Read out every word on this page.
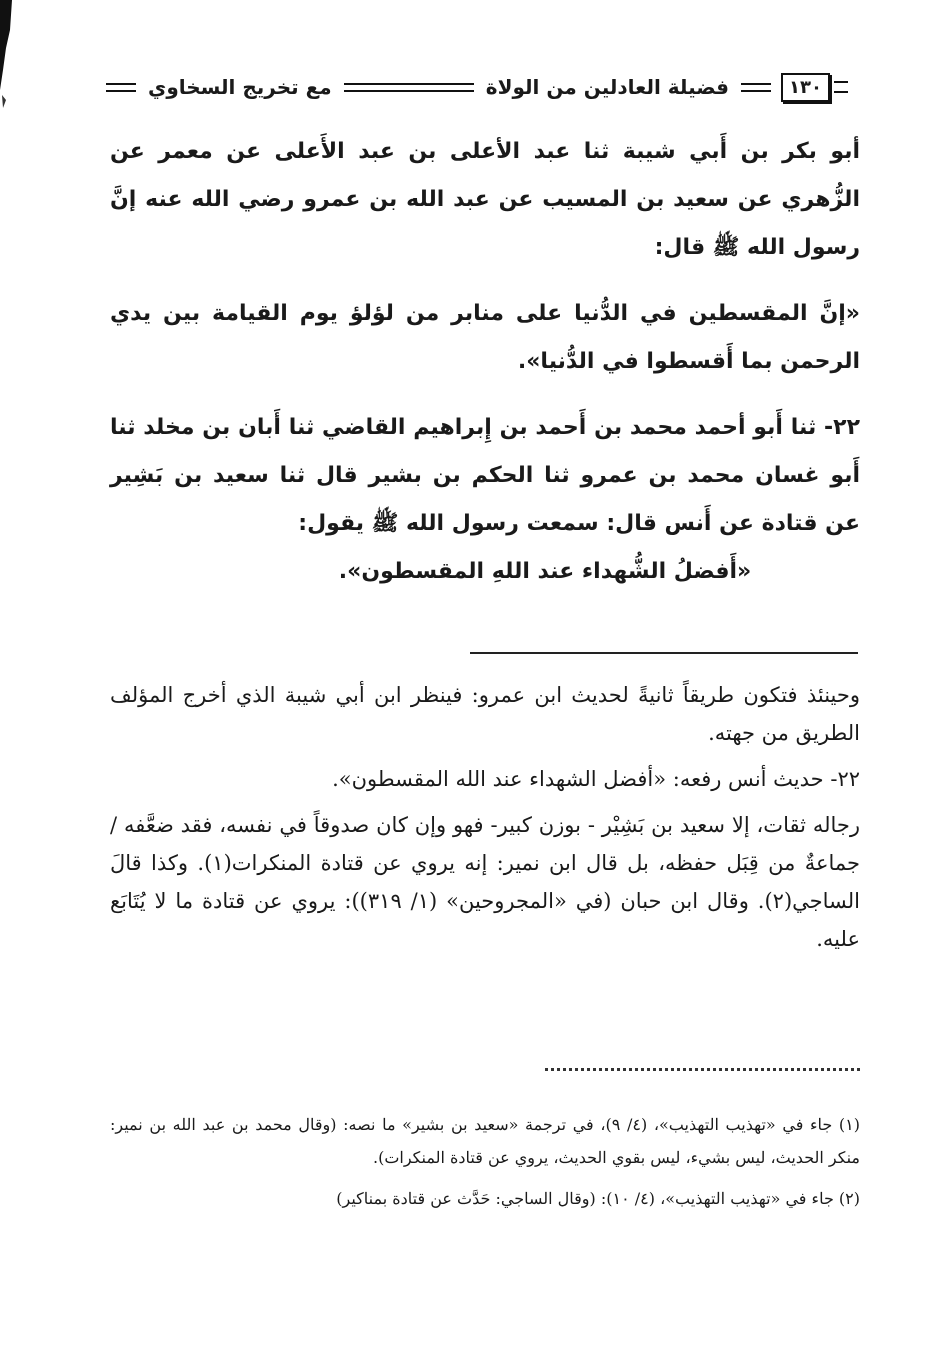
١٣٠
فضيلة العادلين من الولاة
مع تخريج السخاوي

أبو بكر بن أَبي شيبة ثنا عبد الأعلى بن عبد الأَعلى عن معمر عن الزُّهري عن سعيد بن المسيب عن عبد الله بن عمرو رضي الله عنه إنَّ رسول الله ﷺ قال:

«إنَّ المقسطين في الدُّنيا على منابر من لؤلؤ يوم القيامة بين يدي الرحمن بما أَقسطوا في الدُّنيا».

٢٢- ثنا أَبو أحمد محمد بن أَحمد بن إِبراهيم القاضي ثنا أَبان بن مخلد ثنا أَبو غسان محمد بن عمرو ثنا الحكم بن بشير قال ثنا سعيد بن بَشِير عن قتادة عن أَنس قال: سمعت رسول الله ﷺ يقول:

«أَفضلُ الشُّهداء عند اللهِ المقسطون».

وحينئذ فتكون طريقاً ثانيةً لحديث ابن عمرو: فينظر ابن أبي شيبة الذي أخرج المؤلف الطريق من جهته.

٢٢- حديث أنس رفعه: «أفضل الشهداء عند الله المقسطون».

رجاله ثقات، إلا سعيد بن بَشِيْر - بوزن كبير- فهو وإن كان صدوقاً في نفسه، فقد ضعَّفه / جماعةٌ من قِبَل حفظه، بل قال ابن نمير: إنه يروي عن قتادة المنكرات(١). وكذا قالَ الساجي(٢). وقال ابن حبان (في «المجروحين» (١/ ٣١٩)): يروي عن قتادة ما لا يُتَابَع عليه.

(١) جاء في «تهذيب التهذيب»، (٤/ ٩)، في ترجمة «سعيد بن بشير» ما نصه: (وقال محمد بن عبد الله بن نمير: منكر الحديث، ليس بشيء، ليس بقوي الحديث، يروي عن قتادة المنكرات).

(٢) جاء في «تهذيب التهذيب»، (٤/ ١٠): (وقال الساجي: حَدَّث عن قتادة بمناكير)
